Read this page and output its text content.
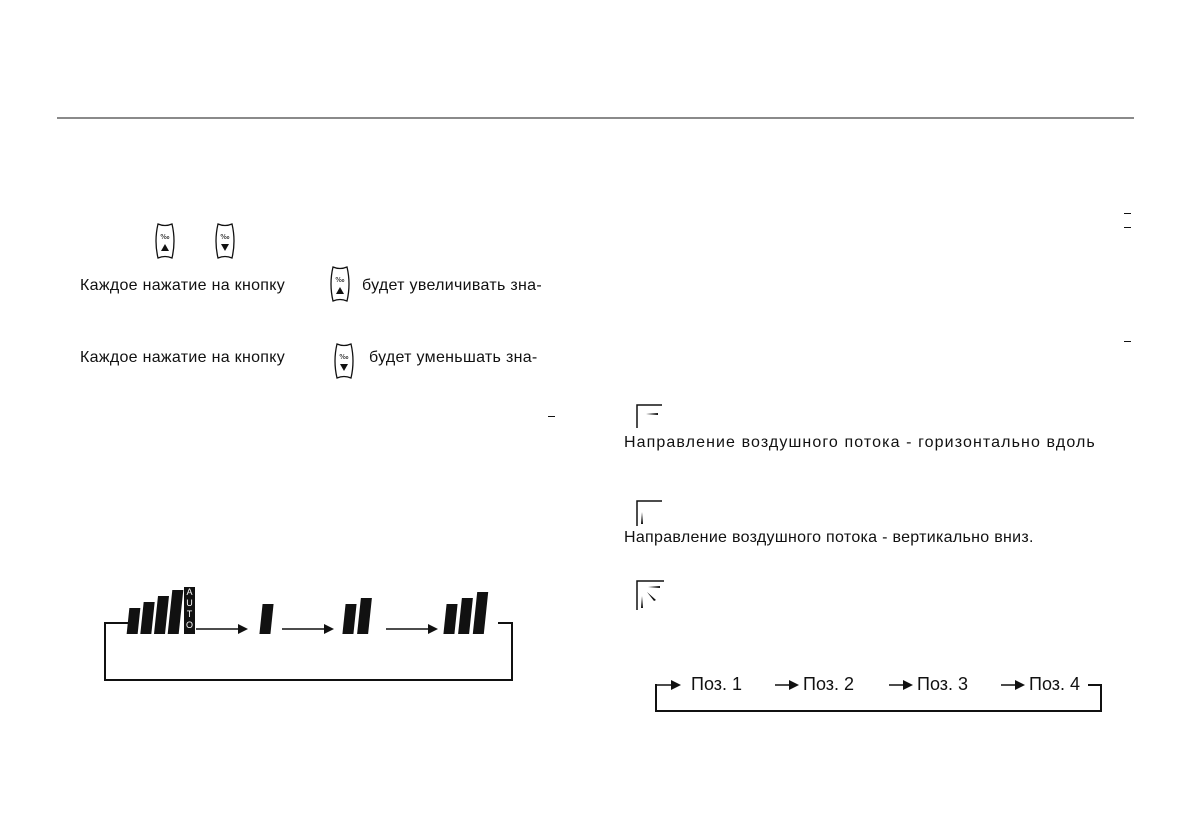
‰	‰
Каждое нажатие на кнопку	‰ будет увеличивать зна-
Каждое нажатие на кнопку	‰ будет уменьшать зна-
A
U
T
O
Направление воздушного потока - горизонтально вдоль
Направление воздушного потока - вертикально вниз.
Поз. 1	Поз. 2	Поз. 3	Поз. 4
